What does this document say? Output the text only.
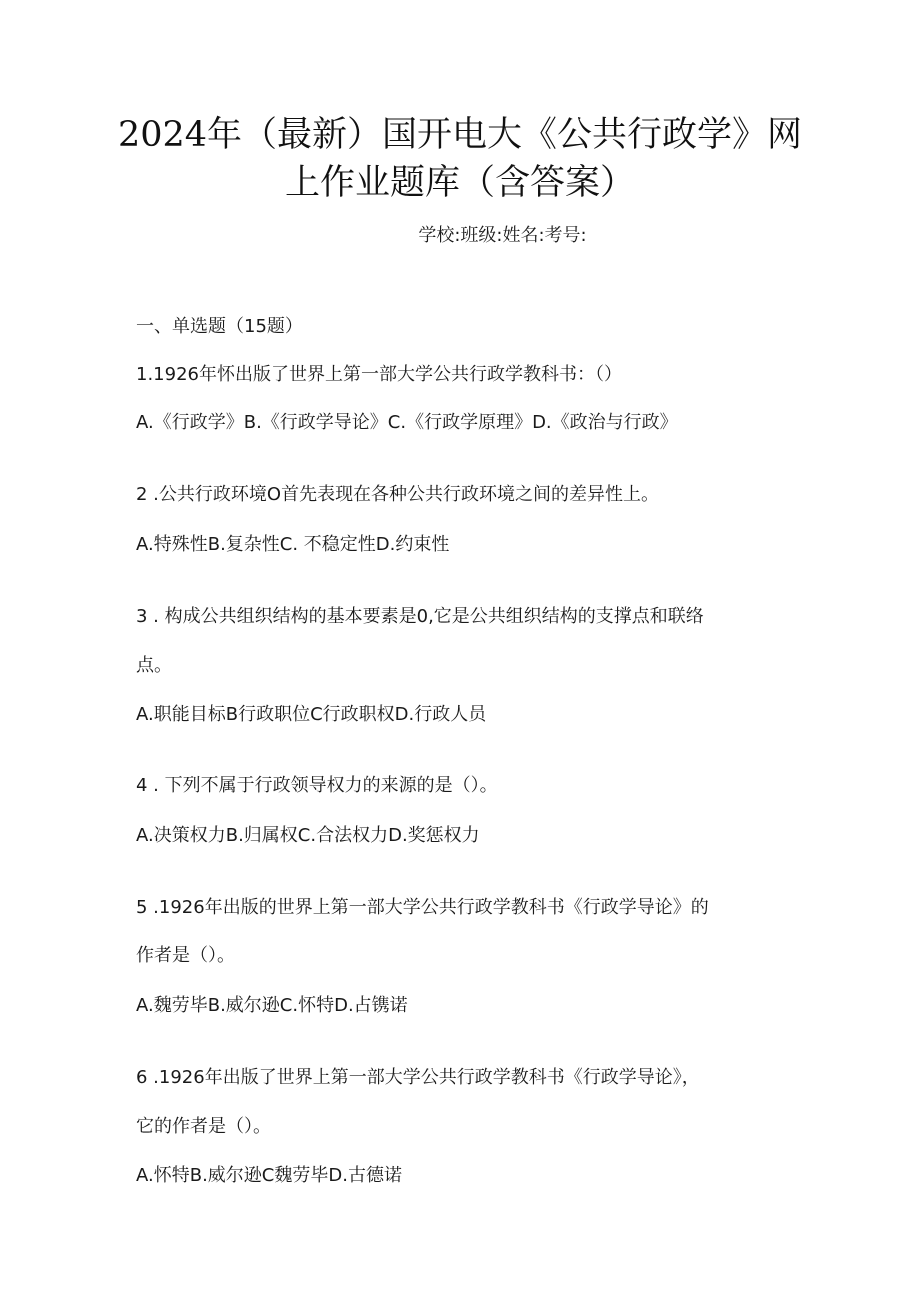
2024年（最新）国开电大《公共行政学》网
上作业题库（含答案）
学校:班级:姓名:考号:
一、单选题（15题）
1.1926年怀出版了世界上第一部大学公共行政学教科书：（）
A.《行政学》B.《行政学导论》C.《行政学原理》D.《政治与行政》
2 .公共行政环境O首先表现在各种公共行政环境之间的差异性上。
A.特殊性B.复杂性C. 不稳定性D.约束性
3 . 构成公共组织结构的基本要素是0,它是公共组织结构的支撑点和联络
点。
A.职能目标B行政职位C行政职权D.行政人员
4 . 下列不属于行政领导权力的来源的是（）。
A.决策权力B.归属权C.合法权力D.奖惩权力
5 .1926年出版的世界上第一部大学公共行政学教科书《行政学导论》的
作者是（）。
A.魏劳毕B.威尔逊C.怀特D.占镌诺
6 .1926年出版了世界上第一部大学公共行政学教科书《行政学导论》，
它的作者是（）。
A.怀特B.威尔逊C魏劳毕D.古德诺
